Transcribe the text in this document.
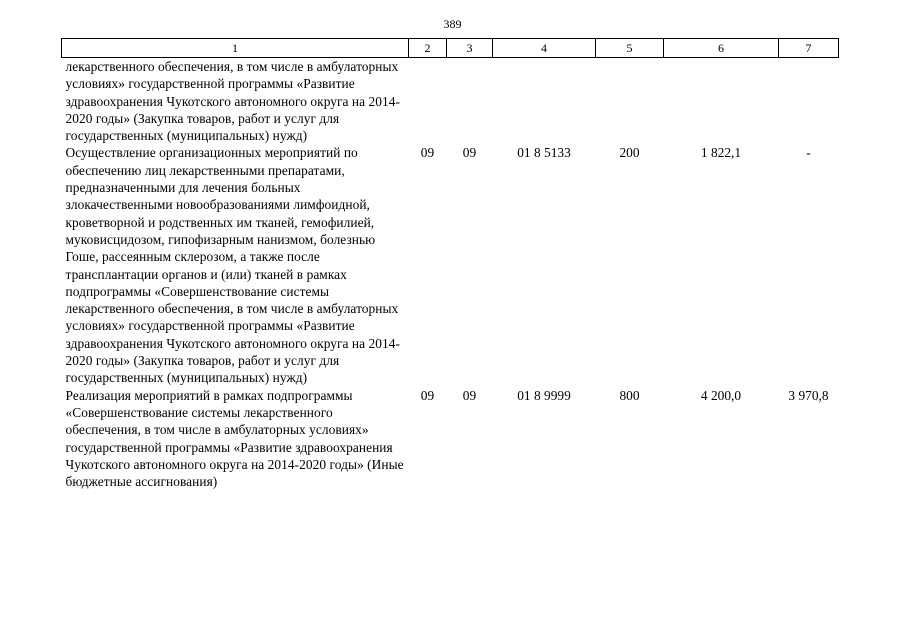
389
1	2	3	4	5	6	7
лекарственного обеспечения, в том числе в амбулаторных условиях» государственной программы «Развитие здравоохранения Чукотского автономного округа на 2014-2020 годы» (Закупка товаров, работ и услуг для государственных (муниципальных) нужд)						
Осуществление организационных мероприятий по обеспечению лиц лекарственными препаратами, предназначенными для лечения больных злокачественными новообразованиями лимфоидной, кроветворной и родственных им тканей, гемофилией, муковисцидозом, гипофизарным нанизмом, болезнью Гоше, рассеянным склерозом, а также после трансплантации органов и (или) тканей в рамках подпрограммы «Совершенствование системы лекарственного обеспечения, в том числе в амбулаторных условиях» государственной программы «Развитие здравоохранения Чукотского автономного округа на 2014-2020 годы» (Закупка товаров, работ и услуг для государственных (муниципальных) нужд)	09	09	01 8 5133	200	1 822,1	-
Реализация мероприятий в рамках подпрограммы «Совершенствование системы лекарственного обеспечения, в том числе в амбулаторных условиях» государственной программы «Развитие здравоохранения Чукотского автономного округа на 2014-2020 годы» (Иные бюджетные ассигнования)	09	09	01 8 9999	800	4 200,0	3 970,8
